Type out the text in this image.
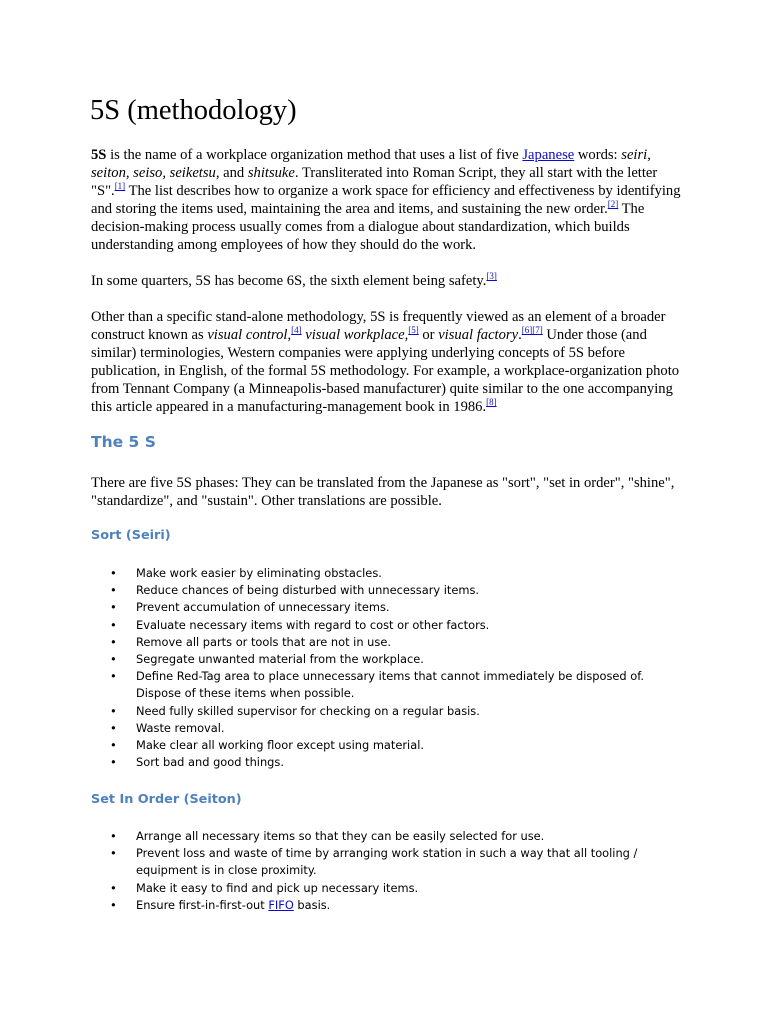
5S (methodology)

5S is the name of a workplace organization method that uses a list of five Japanese words: seiri, seiton, seiso, seiketsu, and shitsuke. Transliterated into Roman Script, they all start with the letter "S".[1] The list describes how to organize a work space for efficiency and effectiveness by identifying and storing the items used, maintaining the area and items, and sustaining the new order.[2] The decision-making process usually comes from a dialogue about standardization, which builds understanding among employees of how they should do the work.

In some quarters, 5S has become 6S, the sixth element being safety.[3]

Other than a specific stand-alone methodology, 5S is frequently viewed as an element of a broader construct known as visual control,[4] visual workplace,[5] or visual factory.[6][7] Under those (and similar) terminologies, Western companies were applying underlying concepts of 5S before publication, in English, of the formal 5S methodology. For example, a workplace-organization photo from Tennant Company (a Minneapolis-based manufacturer) quite similar to the one accompanying this article appeared in a manufacturing-management book in 1986.[8]

The 5 S

There are five 5S phases: They can be translated from the Japanese as "sort", "set in order", "shine", "standardize", and "sustain". Other translations are possible.

Sort (Seiri)
• Make work easier by eliminating obstacles.
• Reduce chances of being disturbed with unnecessary items.
• Prevent accumulation of unnecessary items.
• Evaluate necessary items with regard to cost or other factors.
• Remove all parts or tools that are not in use.
• Segregate unwanted material from the workplace.
• Define Red-Tag area to place unnecessary items that cannot immediately be disposed of. Dispose of these items when possible.
• Need fully skilled supervisor for checking on a regular basis.
• Waste removal.
• Make clear all working floor except using material.
• Sort bad and good things.
Set In Order (Seiton)
• Arrange all necessary items so that they can be easily selected for use.
• Prevent loss and waste of time by arranging work station in such a way that all tooling / equipment is in close proximity.
• Make it easy to find and pick up necessary items.
• Ensure first-in-first-out FIFO basis.
